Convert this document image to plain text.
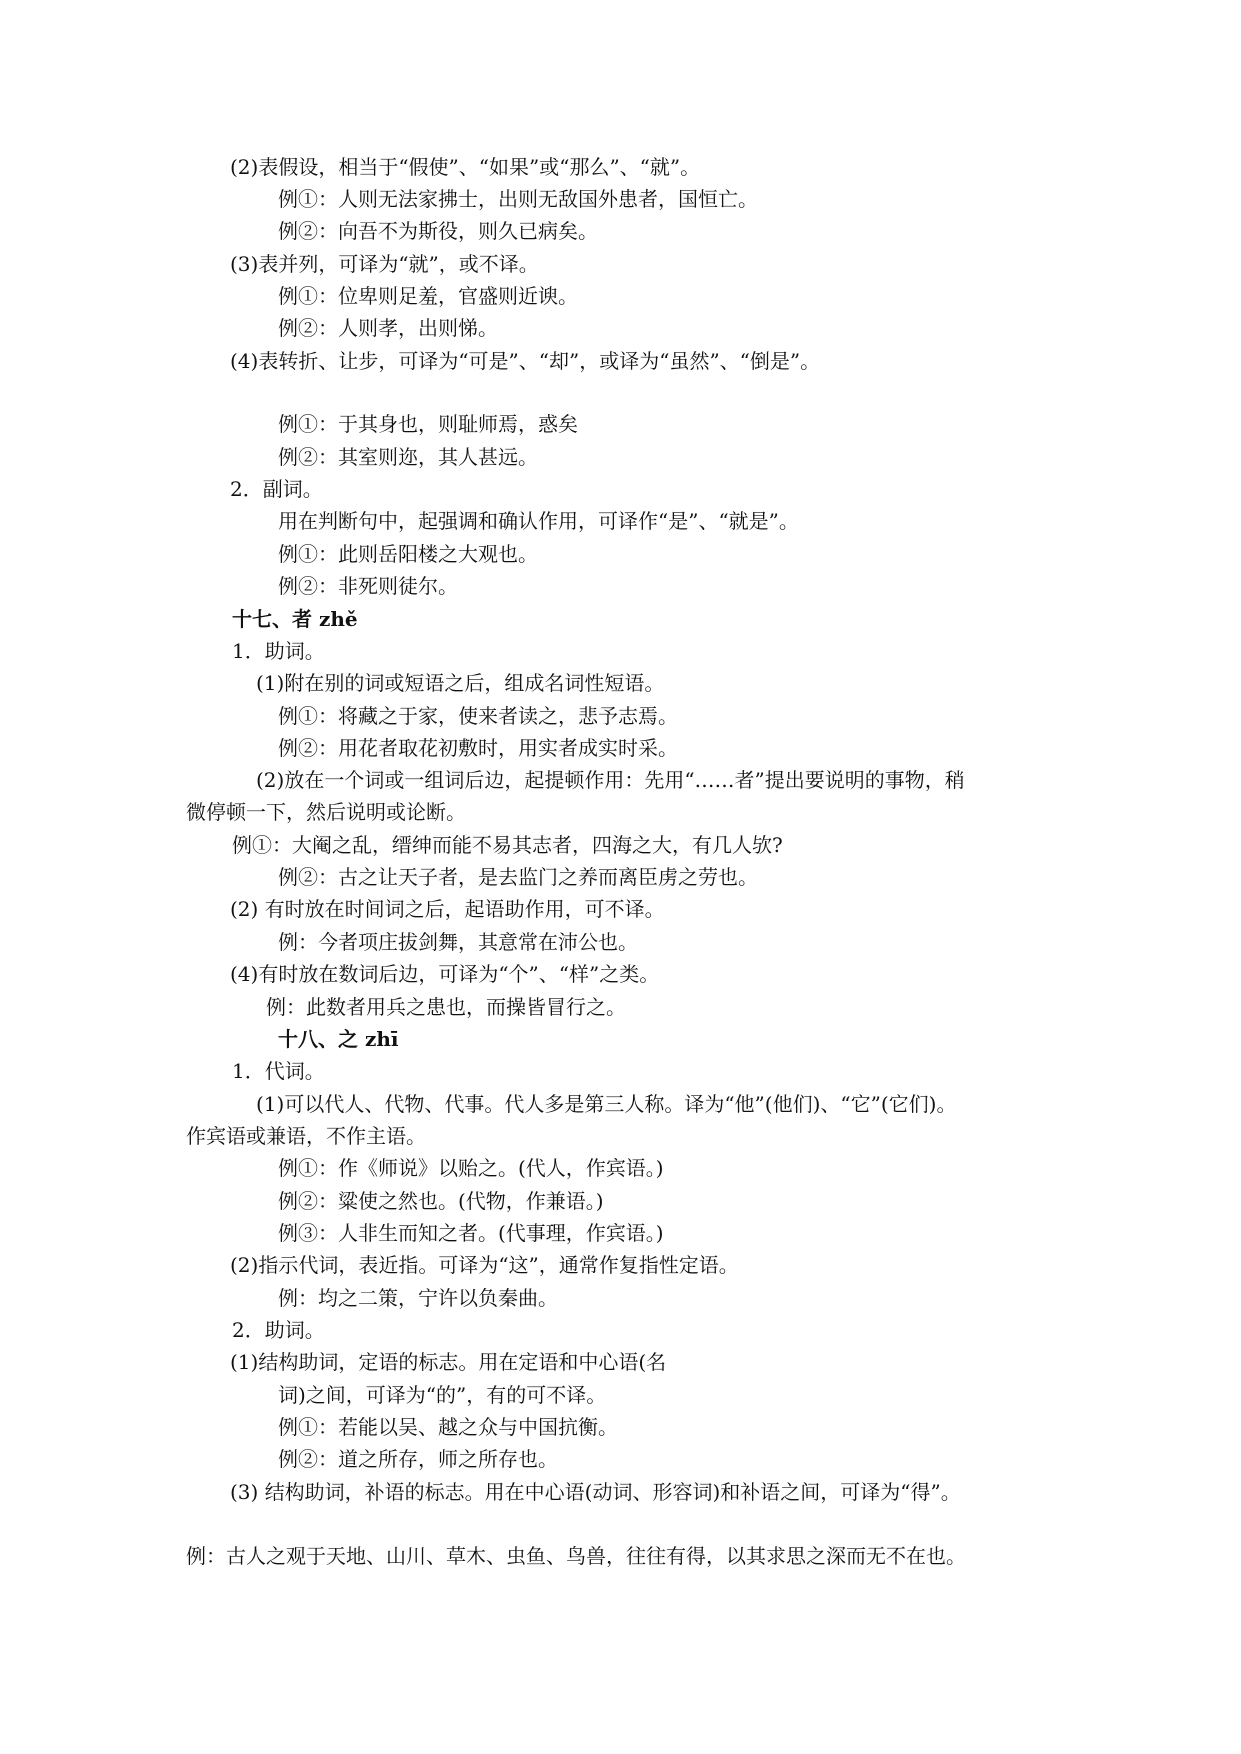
(2)表假设，相当于“假使”、“如果”或“那么”、“就”。
例①：人则无法家拂士，出则无敌国外患者，国恒亡。
例②：向吾不为斯役，则久已病矣。
(3)表并列，可译为“就”，或不译。
例①：位卑则足羞，官盛则近谀。
例②：人则孝，出则悌。
(4)表转折、让步，可译为“可是”、“却”，或译为“虽然”、“倒是”。
例①：于其身也，则耻师焉，惑矣
例②：其室则迩，其人甚远。
2．副词。
用在判断句中，起强调和确认作用，可译作“是”、“就是”。
例①：此则岳阳楼之大观也。
例②：非死则徒尔。
十七、者 zhě
1．助词。
(1)附在别的词或短语之后，组成名词性短语。
例①：将藏之于家，使来者读之，悲予志焉。
例②：用花者取花初敷时，用实者成实时采。
(2)放在一个词或一组词后边，起提顿作用：先用“……者”提出要说明的事物，稍
微停顿一下，然后说明或论断。
例①：大阉之乱，缙绅而能不易其志者，四海之大，有几人欤?
例②：古之让天子者，是去监门之养而离臣虏之劳也。
(2) 有时放在时间词之后，起语助作用，可不译。
例：今者项庄拔剑舞，其意常在沛公也。
(4)有时放在数词后边，可译为“个”、“样”之类。
例：此数者用兵之患也，而操皆冒行之。
十八、之 zhī
1．代词。
(1)可以代人、代物、代事。代人多是第三人称。译为“他”(他们)、“它”(它们)。
作宾语或兼语，不作主语。
例①：作《师说》以贻之。(代人，作宾语。)
例②：粱使之然也。(代物，作兼语。)
例③：人非生而知之者。(代事理，作宾语。)
(2)指示代词，表近指。可译为“这”，通常作复指性定语。
例：均之二策，宁许以负秦曲。
2．助词。
(1)结构助词，定语的标志。用在定语和中心语(名
词)之间，可译为“的”，有的可不译。
例①：若能以吴、越之众与中国抗衡。
例②：道之所存，师之所存也。
(3) 结构助词，补语的标志。用在中心语(动词、形容词)和补语之间，可译为“得”。
例：古人之观于天地、山川、草木、虫鱼、鸟兽，往往有得，以其求思之深而无不在也。
